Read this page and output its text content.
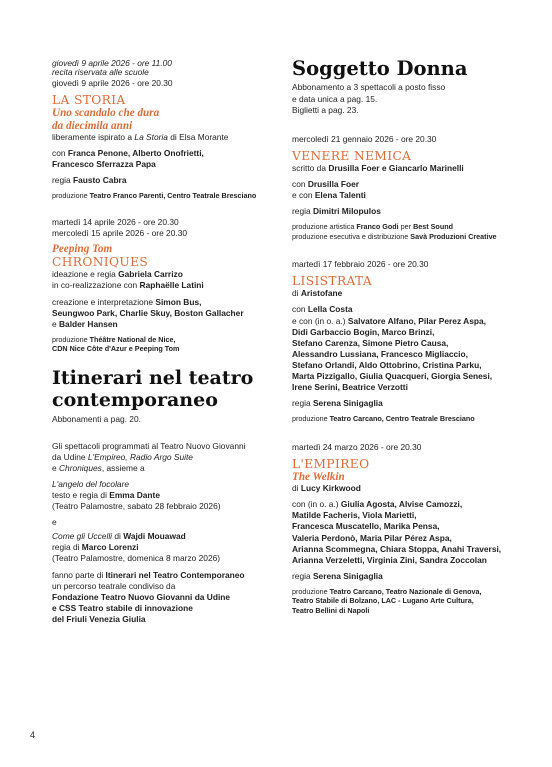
giovedì 9 aprile 2026 - ore 11.00
recita riservata alle scuole
giovedì 9 aprile 2026 - ore 20.30
LA STORIA
Uno scandalo che dura
da diecimila anni
liberamente ispirato a La Storia di Elsa Morante
con Franca Penone, Alberto Onofrietti,
Francesco Sferrazza Papa
regia Fausto Cabra
produzione Teatro Franco Parenti, Centro Teatrale Bresciano
martedì 14 aprile 2026 - ore 20.30
mercoledì 15 aprile 2026 - ore 20.30
Peeping Tom
CHRONIQUES
ideazione e regia Gabriela Carrizo
in co-realizzazione con Raphaëlle Latini
creazione e interpretazione Simon Bus,
Seungwoo Park, Charlie Skuy, Boston Gallacher
e Balder Hansen
produzione Théâtre National de Nice,
CDN Nice Côte d'Azur e Peeping Tom
Itinerari nel teatro
contemporaneo
Abbonamenti a pag. 20.
Gli spettacoli programmati al Teatro Nuovo Giovanni
da Udine L'Empireo, Radio Argo Suite
e Chroniques, assieme a
L'angelo del focolare
testo e regia di Emma Dante
(Teatro Palamostre, sabato 28 febbraio 2026)
e
Come gli Uccelli di Wajdi Mouawad
regia di Marco Lorenzi
(Teatro Palamostre, domenica 8 marzo 2026)
fanno parte di Itinerari nel Teatro Contemporaneo
un percorso teatrale condiviso da
Fondazione Teatro Nuovo Giovanni da Udine
e CSS Teatro stabile di innovazione
del Friuli Venezia Giulia
Soggetto Donna
Abbonamento a 3 spettacoli a posto fisso
e data unica a pag. 15.
Biglietti a pag. 23.
mercoledì 21 gennaio 2026 - ore 20.30
VENERE NEMICA
scritto da Drusilla Foer e Giancarlo Marinelli
con Drusilla Foer
e con Elena Talenti
regia Dimitri Milopulos
produzione artistica Franco Godi per Best Sound
produzione esecutiva e distribuzione Savà Produzioni Creative
martedì 17 febbraio 2026 - ore 20.30
LISISTRATA
di Aristofane
con Lella Costa
e con (in o. a.) Salvatore Alfano, Pilar Perez Aspa,
Didi Garbaccio Bogin, Marco Brinzi,
Stefano Carenza, Simone Pietro Causa,
Alessandro Lussiana, Francesco Migliaccio,
Stefano Orlandi, Aldo Ottobrino, Cristina Parku,
Marta Pizzigallo, Giulia Quacqueri, Giorgia Senesi,
Irene Serini, Beatrice Verzotti
regia Serena Sinigaglia
produzione Teatro Carcano, Centro Teatrale Bresciano
martedì 24 marzo 2026 - ore 20.30
L'EMPIREO
The Welkin
di Lucy Kirkwood
con (in o. a.) Giulia Agosta, Alvise Camozzi,
Matilde Facheris, Viola Marietti,
Francesca Muscatello, Marika Pensa,
Valeria Perdonò, Maria Pilar Pérez Aspa,
Arianna Scommegna, Chiara Stoppa, Anahi Traversi,
Arianna Verzeletti, Virginia Zini, Sandra Zoccolan
regia Serena Sinigaglia
produzione Teatro Carcano, Teatro Nazionale di Genova,
Teatro Stabile di Bolzano, LAC - Lugano Arte Cultura,
Teatro Bellini di Napoli
4
